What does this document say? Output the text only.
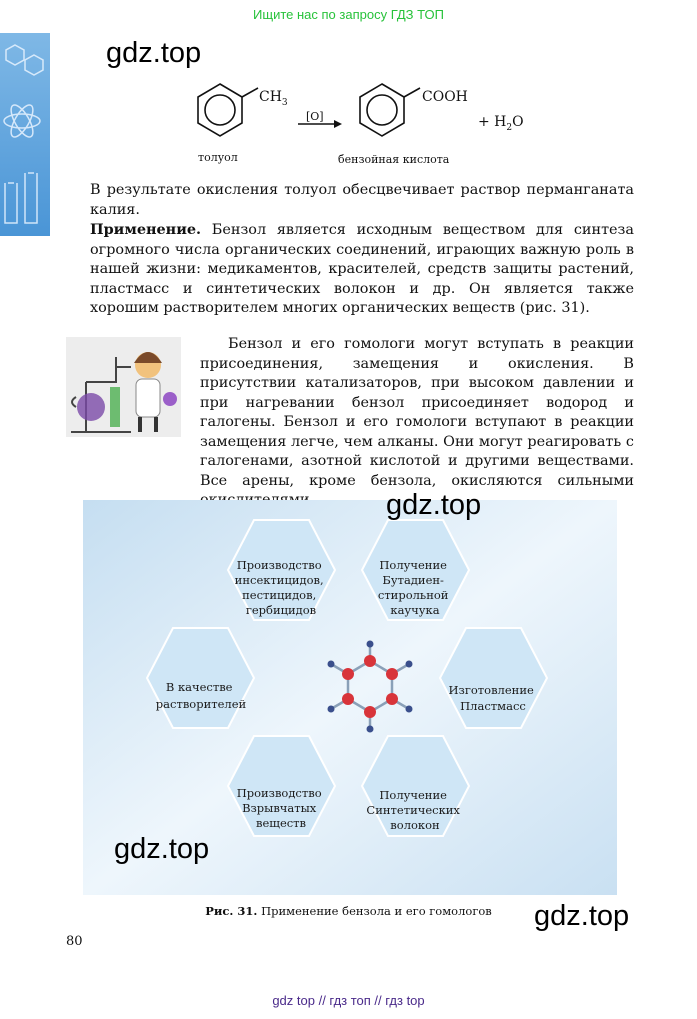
Ищите нас по запросу ГДЗ ТОП
gdz.top
$CH_3$
[O]
COOH
+ $H_2O$
толуол	бензойная кислота
В результате окисления толуол обесцвечивает раствор перманганата калия.
Применение. Бензол является исходным веществом для синтеза огромного числа органических соединений, играющих важную роль в нашей жизни: медикаментов, красителей, средств защиты растений, пластмасс и синтетических волокон и др. Он является также хорошим растворителем многих органических веществ (рис. 31).
Бензол и его гомологи могут вступать в реакции присоединения, замещения и окисления. В присутствии катализаторов, при высоком давлении и при нагревании бензол присоединяет водород и галогены. Бензол и его гомологи вступают в реакции замещения легче, чем алканы. Они могут реагировать с галогенами, азотной кислотой и другими веществами. Все арены, кроме бензола, окисляются сильными
Производство инсектицидов, пестицидов, гербицидов
Получение Бутадиен- стирольной каучука
В качестве растворителей
Изготовление Пластмасс
Производство Взрывчатых веществ
Получение Синтетических волокон
gdz.top
gdz.top
gdz.top
Рис. 31. Применение бензола и его гомологов
80
gdz top // гдз топ // гдз top
